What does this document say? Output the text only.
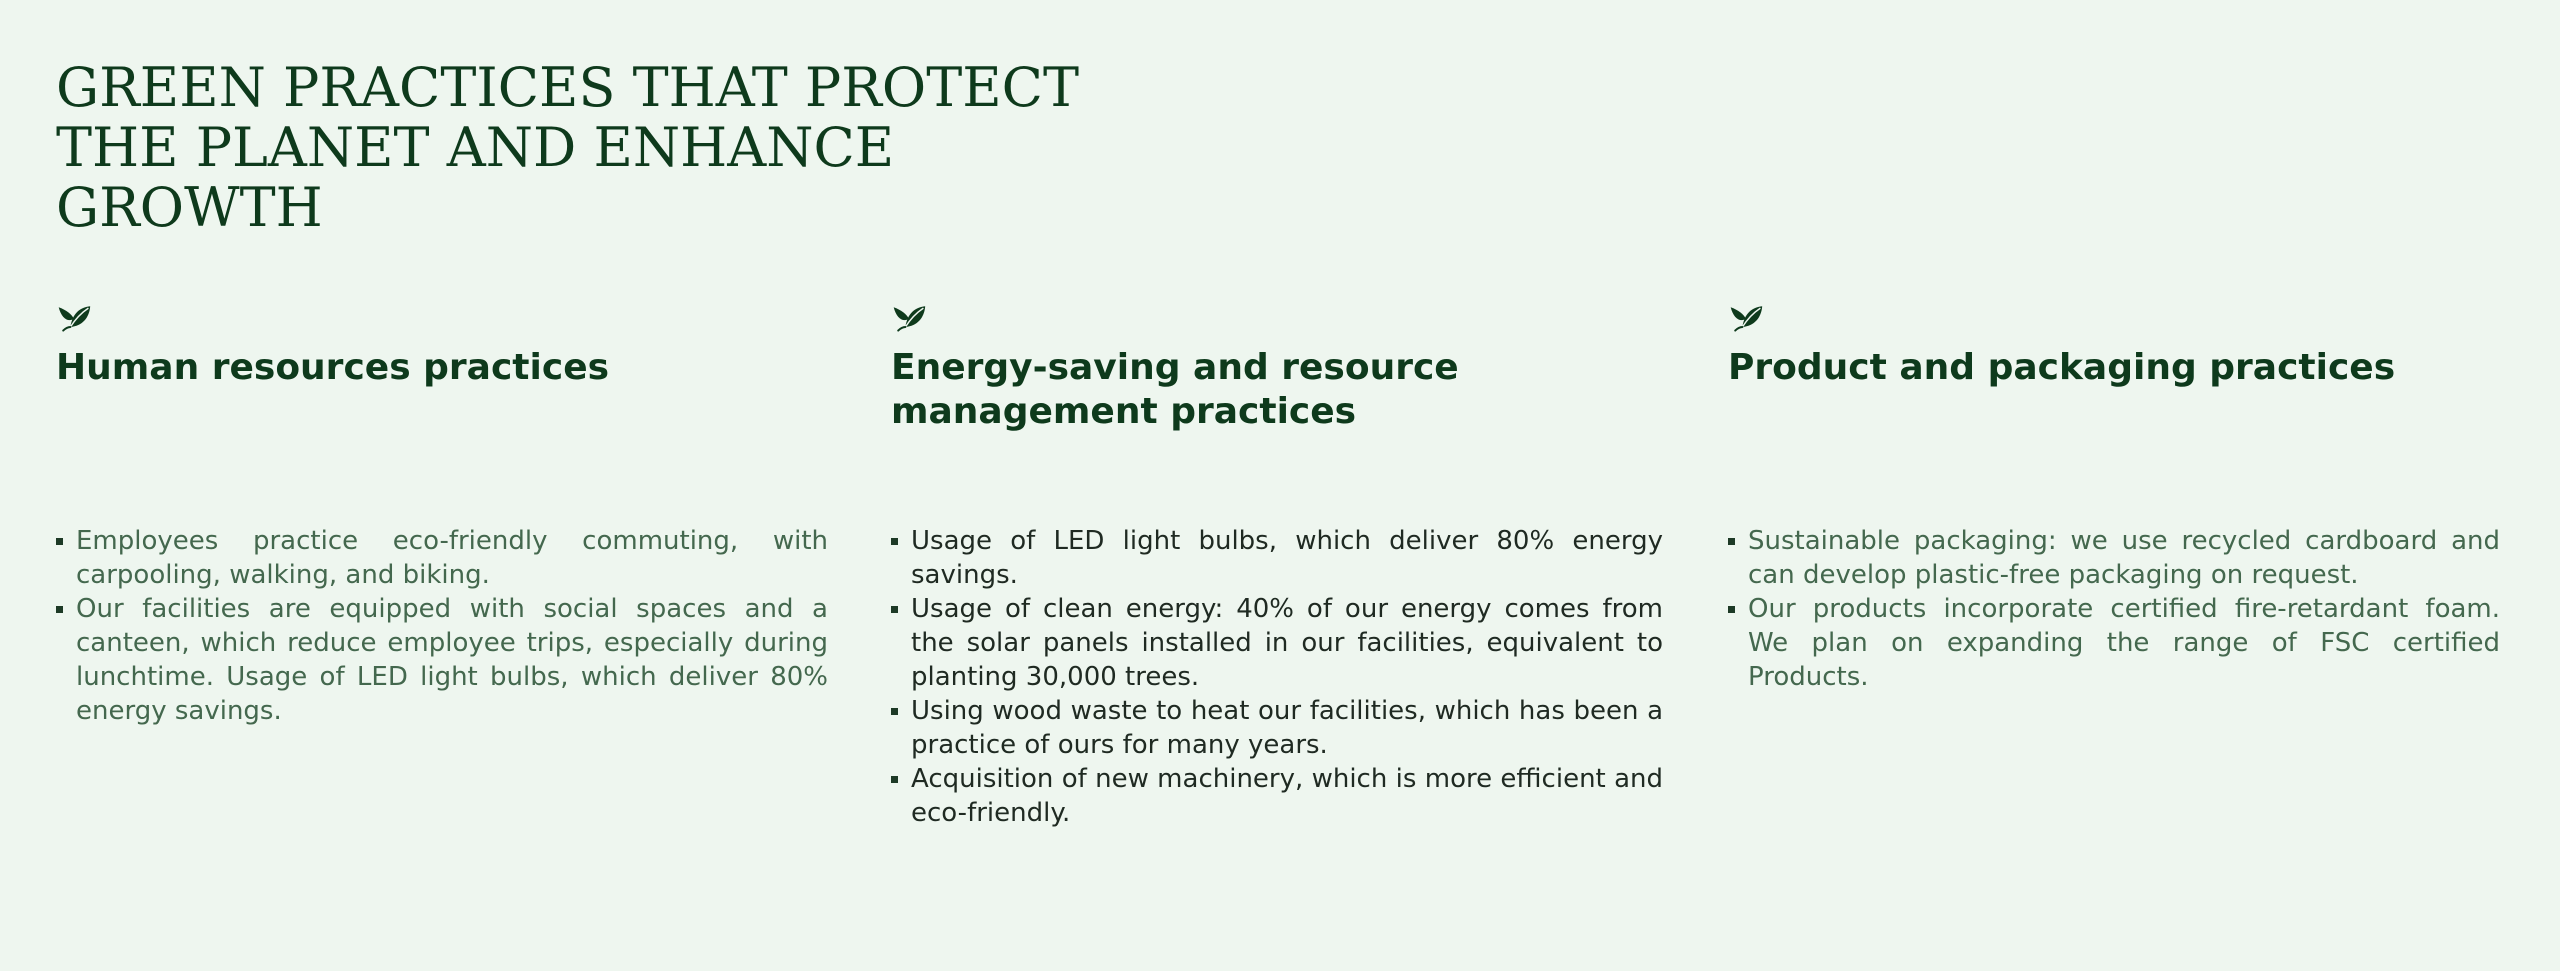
GREEN PRACTICES THAT PROTECT
THE PLANET AND ENHANCE
GROWTH
Human resources practices
Employees practice eco-friendly commuting, with carpooling, walking, and biking.
Our facilities are equipped with social spaces and a canteen, which reduce employee trips, especially during lunchtime. Usage of LED light bulbs, which deliver 80% energy savings.
Energy-saving and resource management practices
Usage of LED light bulbs, which deliver 80% energy savings.
Usage of clean energy: 40% of our energy comes from the solar panels installed in our facilities, equivalent to planting 30,000 trees.
Using wood waste to heat our facilities, which has been a practice of ours for many years.
Acquisition of new machinery, which is more efficient and eco-friendly.
Product and packaging practices
Sustainable packaging: we use recycled cardboard and can develop plastic-free packaging on request.
Our products incorporate certified fire-retardant foam. We plan on expanding the range of FSC certified Products.
